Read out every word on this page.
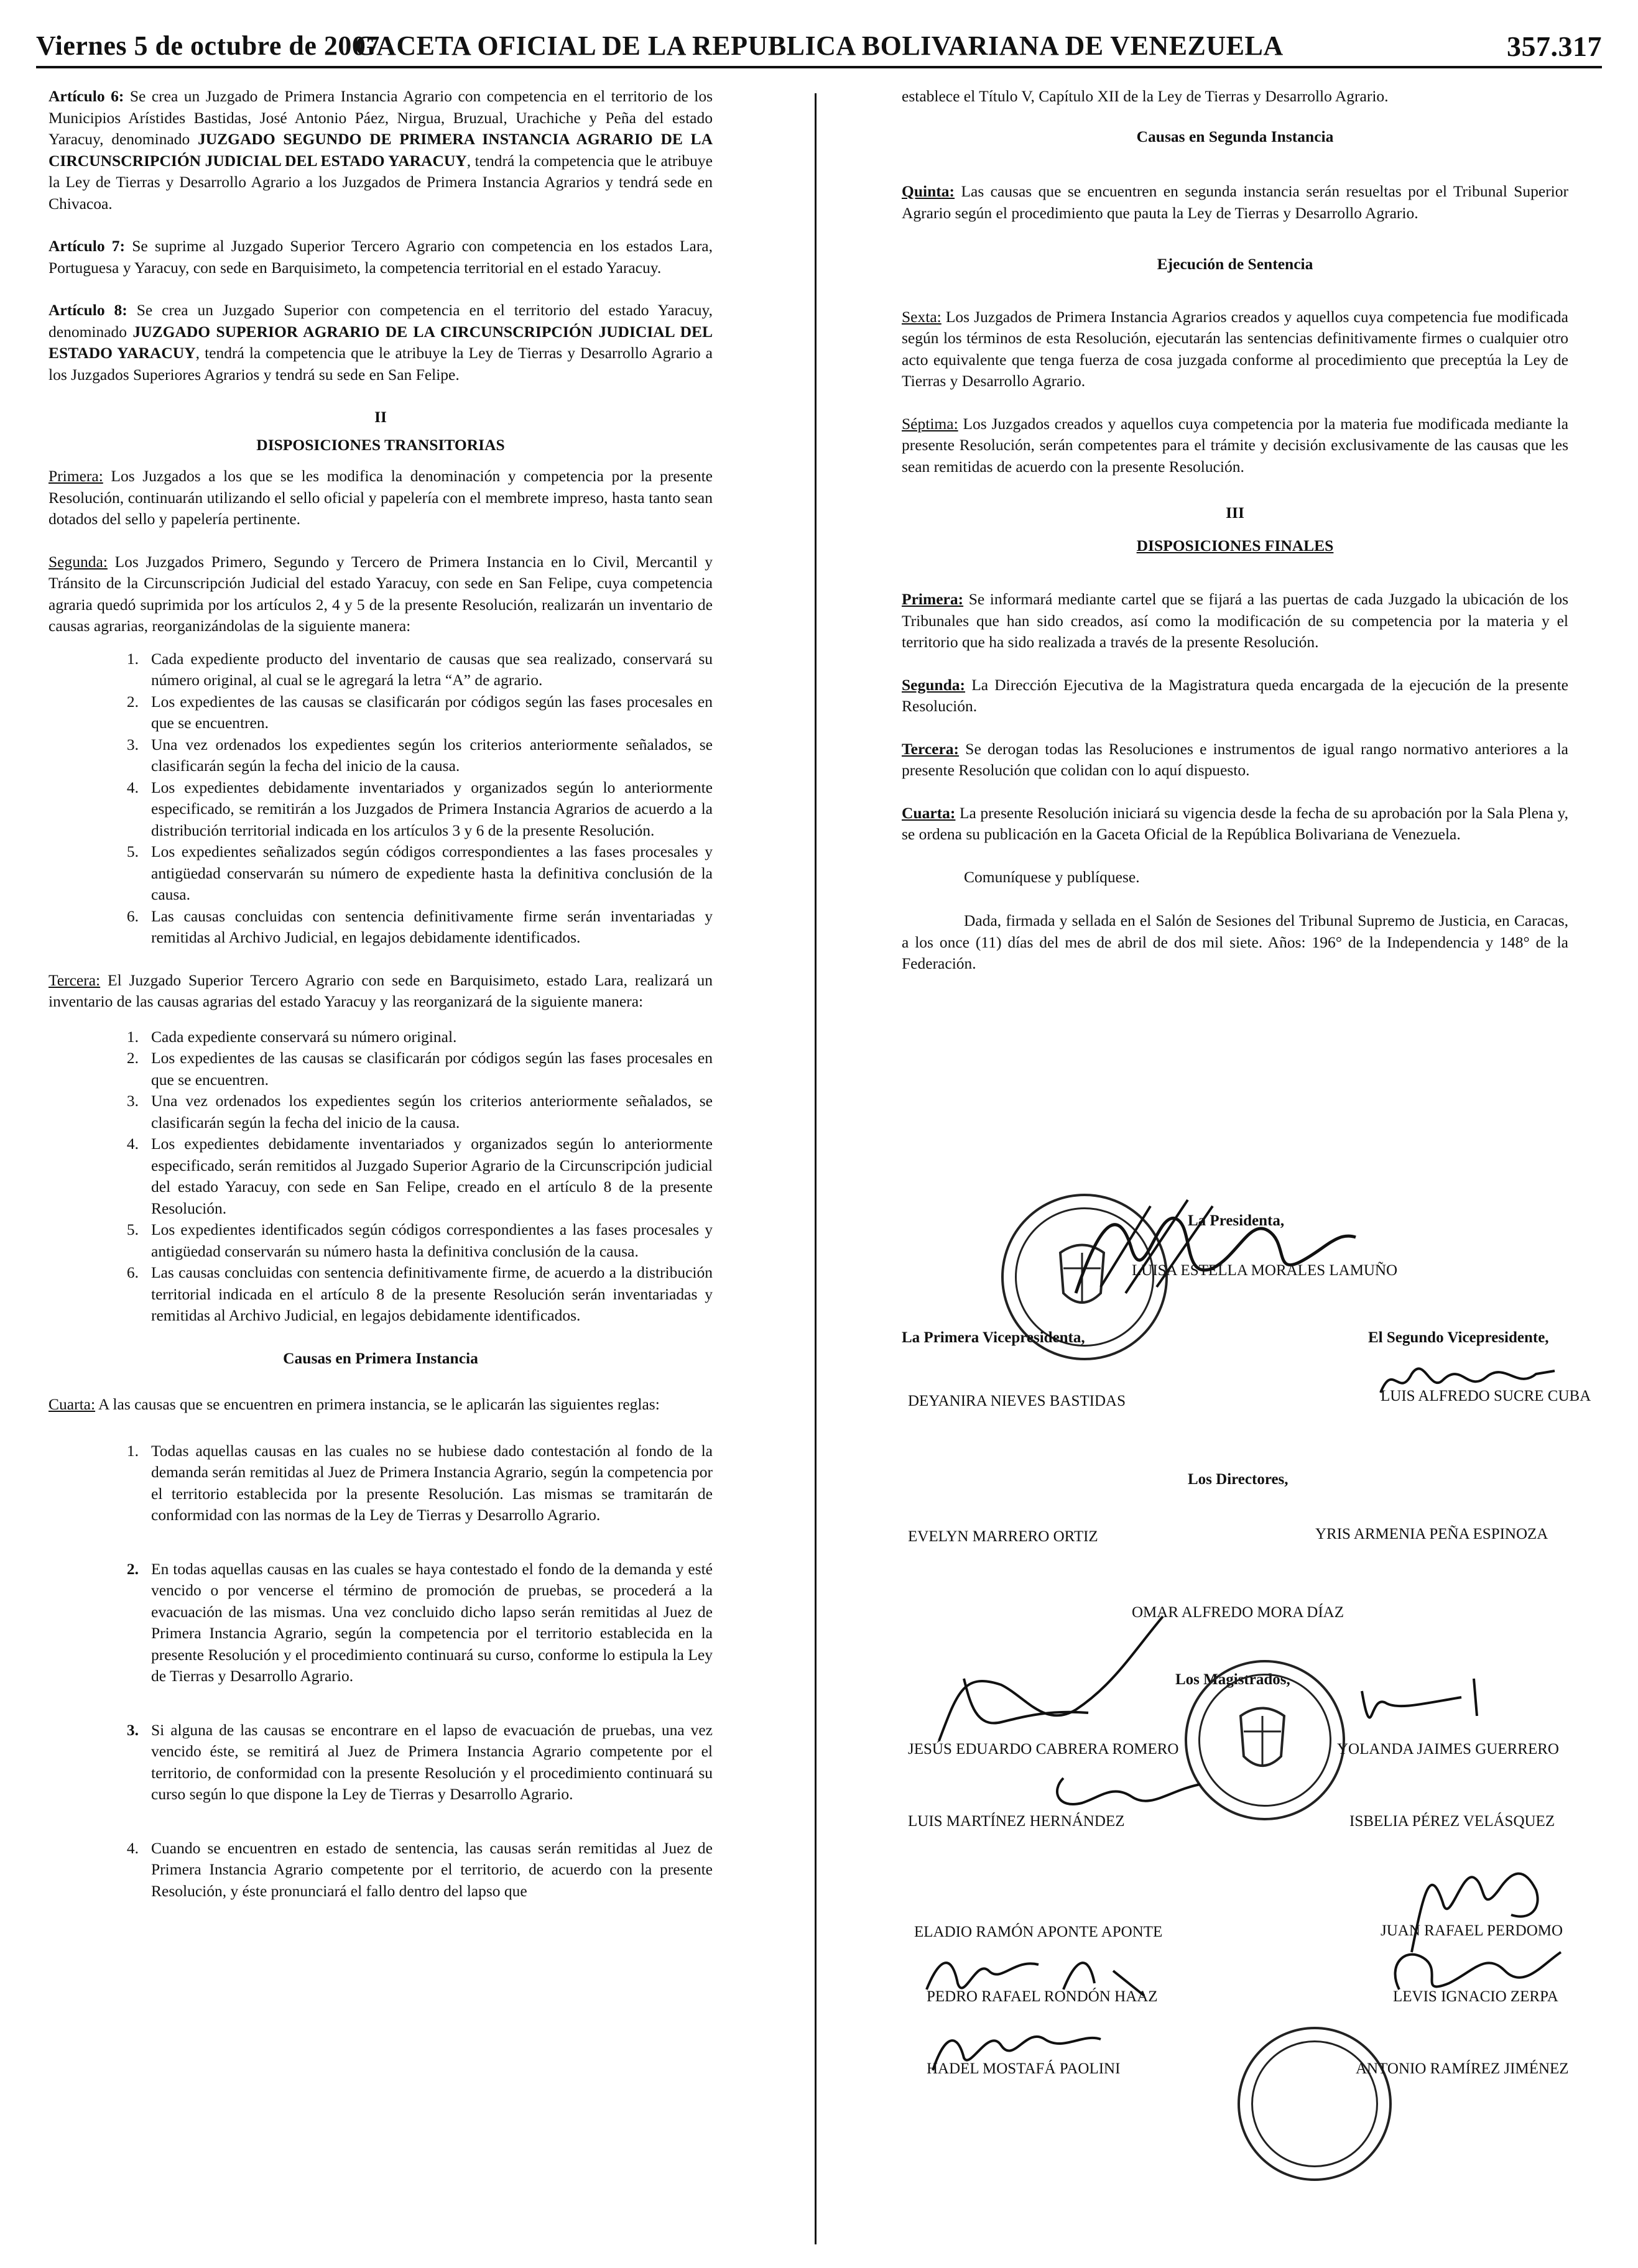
Viernes 5 de octubre de 2007
GACETA OFICIAL DE LA REPUBLICA BOLIVARIANA DE VENEZUELA	357.317

Artículo 6: Se crea un Juzgado de Primera Instancia Agrario con competencia en el territorio de los Municipios Arístides Bastidas, José Antonio Páez, Nirgua, Bruzual, Urachiche y Peña del estado Yaracuy, denominado JUZGADO SEGUNDO DE PRIMERA INSTANCIA AGRARIO DE LA CIRCUNSCRIPCIÓN JUDICIAL DEL ESTADO YARACUY, tendrá la competencia que le atribuye la Ley de Tierras y Desarrollo Agrario a los Juzgados de Primera Instancia Agrarios y tendrá sede en Chivacoa.

Artículo 7: Se suprime al Juzgado Superior Tercero Agrario con competencia en los estados Lara, Portuguesa y Yaracuy, con sede en Barquisimeto, la competencia territorial en el estado Yaracuy.

Artículo 8: Se crea un Juzgado Superior con competencia en el territorio del estado Yaracuy, denominado JUZGADO SUPERIOR AGRARIO DE LA CIRCUNSCRIPCIÓN JUDICIAL DEL ESTADO YARACUY, tendrá la competencia que le atribuye la Ley de Tierras y Desarrollo Agrario a los Juzgados Superiores Agrarios y tendrá su sede en San Felipe.

II
DISPOSICIONES TRANSITORIAS

Primera: Los Juzgados a los que se les modifica la denominación y competencia por la presente Resolución, continuarán utilizando el sello oficial y papelería con el membrete impreso, hasta tanto sean dotados del sello y papelería pertinente.

Segunda: Los Juzgados Primero, Segundo y Tercero de Primera Instancia en lo Civil, Mercantil y Tránsito de la Circunscripción Judicial del estado Yaracuy, con sede en San Felipe, cuya competencia agraria quedó suprimida por los artículos 2, 4 y 5 de la presente Resolución, realizarán un inventario de causas agrarias, reorganizándolas de la siguiente manera:

1. Cada expediente producto del inventario de causas que sea realizado, conservará su número original, al cual se le agregará la letra “A” de agrario.
2. Los expedientes de las causas se clasificarán por códigos según las fases procesales en que se encuentren.
3. Una vez ordenados los expedientes según los criterios anteriormente señalados, se clasificarán según la fecha del inicio de la causa.
4. Los expedientes debidamente inventariados y organizados según lo anteriormente especificado, se remitirán a los Juzgados de Primera Instancia Agrarios de acuerdo a la distribución territorial indicada en los artículos 3 y 6 de la presente Resolución.
5. Los expedientes señalizados según códigos correspondientes a las fases procesales y antigüedad conservarán su número de expediente hasta la definitiva conclusión de la causa.
6. Las causas concluidas con sentencia definitivamente firme serán inventariadas y remitidas al Archivo Judicial, en legajos debidamente identificados.

Tercera: El Juzgado Superior Tercero Agrario con sede en Barquisimeto, estado Lara, realizará un inventario de las causas agrarias del estado Yaracuy y las reorganizará de la siguiente manera:

1. Cada expediente conservará su número original.
2. Los expedientes de las causas se clasificarán por códigos según las fases procesales en que se encuentren.
3. Una vez ordenados los expedientes según los criterios anteriormente señalados, se clasificarán según la fecha del inicio de la causa.
4. Los expedientes debidamente inventariados y organizados según lo anteriormente especificado, serán remitidos al Juzgado Superior Agrario de la Circunscripción judicial del estado Yaracuy, con sede en San Felipe, creado en el artículo 8 de la presente Resolución.
5. Los expedientes identificados según códigos correspondientes a las fases procesales y antigüedad conservarán su número hasta la definitiva conclusión de la causa.
6. Las causas concluidas con sentencia definitivamente firme, de acuerdo a la distribución territorial indicada en el artículo 8 de la presente Resolución serán inventariadas y remitidas al Archivo Judicial, en legajos debidamente identificados.
Causas en Primera Instancia

Cuarta: A las causas que se encuentren en primera instancia, se le aplicarán las siguientes reglas:

1. Todas aquellas causas en las cuales no se hubiese dado contestación al fondo de la demanda serán remitidas al Juez de Primera Instancia Agrario, según la competencia por el territorio establecida por la presente Resolución. Las mismas se tramitarán de conformidad con las normas de la Ley de Tierras y Desarrollo Agrario.
2. En todas aquellas causas en las cuales se haya contestado el fondo de la demanda y esté vencido o por vencerse el término de promoción de pruebas, se procederá a la evacuación de las mismas. Una vez concluido dicho lapso serán remitidas al Juez de Primera Instancia Agrario, según la competencia por el territorio establecida en la presente Resolución y el procedimiento continuará su curso, conforme lo estipula la Ley de Tierras y Desarrollo Agrario.
3. Si alguna de las causas se encontrare en el lapso de evacuación de pruebas, una vez vencido éste, se remitirá al Juez de Primera Instancia Agrario competente por el territorio, de conformidad con la presente Resolución y el procedimiento continuará su curso según lo que dispone la Ley de Tierras y Desarrollo Agrario.
4. Cuando se encuentren en estado de sentencia, las causas serán remitidas al Juez de Primera Instancia Agrario competente por el territorio, de acuerdo con la presente Resolución, y éste pronunciará el fallo dentro del lapso que

establece el Título V, Capítulo XII de la Ley de Tierras y Desarrollo Agrario.

Causas en Segunda Instancia

Quinta: Las causas que se encuentren en segunda instancia serán resueltas por el Tribunal Superior Agrario según el procedimiento que pauta la Ley de Tierras y Desarrollo Agrario.

Ejecución de Sentencia

Sexta: Los Juzgados de Primera Instancia Agrarios creados y aquellos cuya competencia fue modificada según los términos de esta Resolución, ejecutarán las sentencias definitivamente firmes o cualquier otro acto equivalente que tenga fuerza de cosa juzgada conforme al procedimiento que preceptúa la Ley de Tierras y Desarrollo Agrario.

Séptima: Los Juzgados creados y aquellos cuya competencia por la materia fue modificada mediante la presente Resolución, serán competentes para el trámite y decisión exclusivamente de las causas que les sean remitidas de acuerdo con la presente Resolución.

III
DISPOSICIONES FINALES

Primera: Se informará mediante cartel que se fijará a las puertas de cada Juzgado la ubicación de los Tribunales que han sido creados, así como la modificación de su competencia por la materia y el territorio que ha sido realizada a través de la presente Resolución.

Segunda: La Dirección Ejecutiva de la Magistratura queda encargada de la ejecución de la presente Resolución.

Tercera: Se derogan todas las Resoluciones e instrumentos de igual rango normativo anteriores a la presente Resolución que colidan con lo aquí dispuesto.

Cuarta: La presente Resolución iniciará su vigencia desde la fecha de su aprobación por la Sala Plena y, se ordena su publicación en la Gaceta Oficial de la República Bolivariana de Venezuela.

Comuníquese y publíquese.

Dada, firmada y sellada en el Salón de Sesiones del Tribunal Supremo de Justicia, en Caracas, a los once (11) días del mes de abril de dos mil siete. Años: 196° de la Independencia y 148° de la Federación.

La Presidenta,
LUISA ESTELLA MORALES LAMUÑO
La Primera Vicepresidenta,	El Segundo Vicepresidente,
DEYANIRA NIEVES BASTIDAS	LUIS ALFREDO SUCRE CUBA
Los Directores,
EVELYN MARRERO ORTIZ	YRIS ARMENIA PEÑA ESPINOZA
OMAR ALFREDO MORA DÍAZ
Los Magistrados,
JESÚS EDUARDO CABRERA ROMERO	YOLANDA JAIMES GUERRERO
LUIS MARTÍNEZ HERNÁNDEZ	ISBELIA PÉREZ VELÁSQUEZ
ELADIO RAMÓN APONTE APONTE	JUAN RAFAEL PERDOMO
PEDRO RAFAEL RONDÓN HAAZ	LEVIS IGNACIO ZERPA
HADEL MOSTAFÁ PAOLINI	ANTONIO RAMÍREZ JIMÉNEZ
